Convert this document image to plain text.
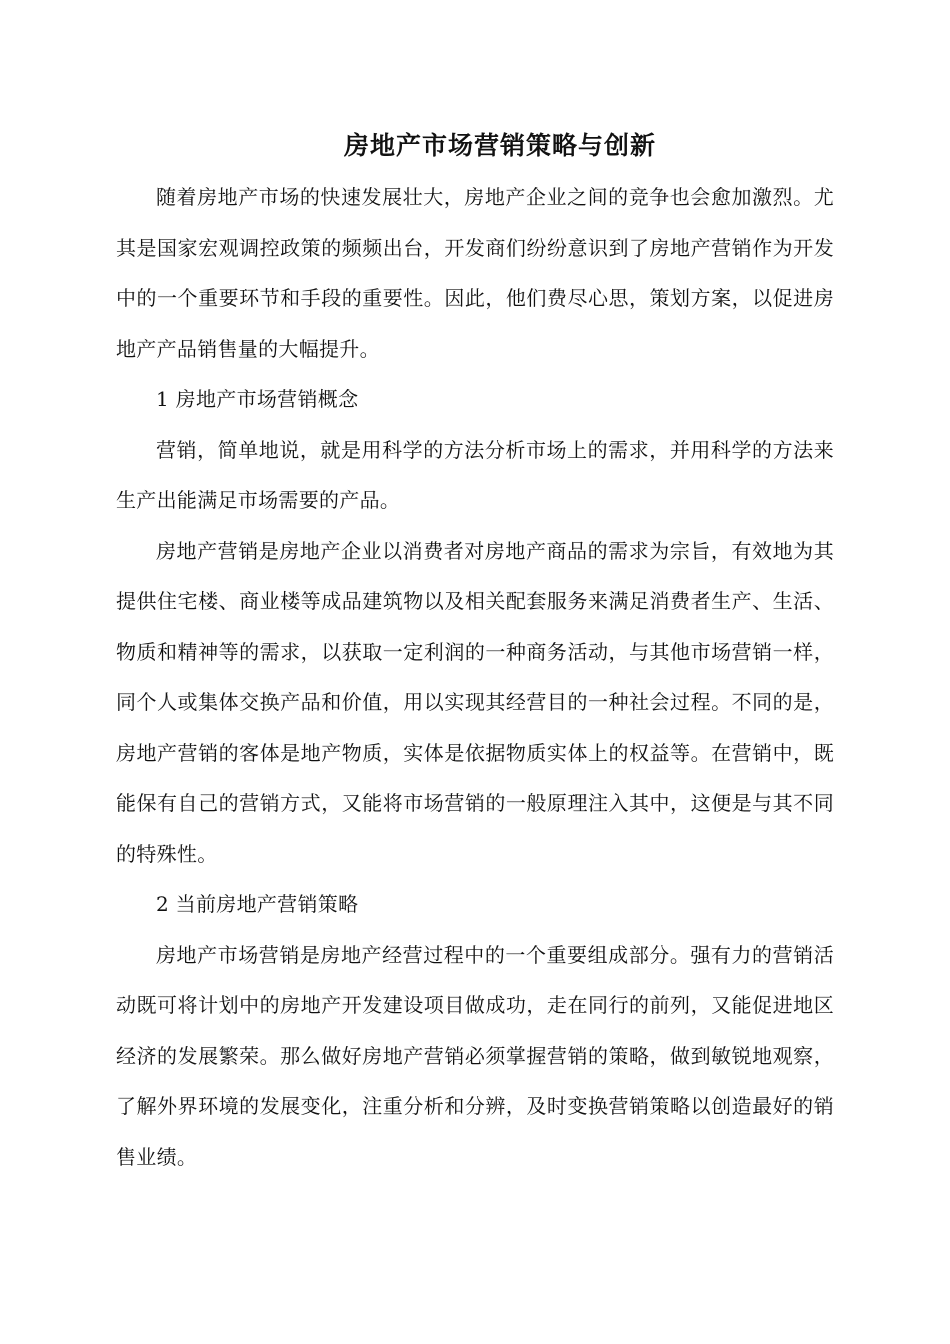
房地产市场营销策略与创新

随着房地产市场的快速发展壮大，房地产企业之间的竞争也会愈加激烈。尤其是国家宏观调控政策的频频出台，开发商们纷纷意识到了房地产营销作为开发中的一个重要环节和手段的重要性。因此，他们费尽心思，策划方案，以促进房地产产品销售量的大幅提升。

1 房地产市场营销概念

营销，简单地说，就是用科学的方法分析市场上的需求，并用科学的方法来生产出能满足市场需要的产品。

房地产营销是房地产企业以消费者对房地产商品的需求为宗旨，有效地为其提供住宅楼、商业楼等成品建筑物以及相关配套服务来满足消费者生产、生活、物质和精神等的需求，以获取一定利润的一种商务活动，与其他市场营销一样，同个人或集体交换产品和价值，用以实现其经营目的一种社会过程。不同的是，房地产营销的客体是地产物质，实体是依据物质实体上的权益等。在营销中，既能保有自己的营销方式，又能将市场营销的一般原理注入其中，这便是与其不同的特殊性。

2 当前房地产营销策略

房地产市场营销是房地产经营过程中的一个重要组成部分。强有力的营销活动既可将计划中的房地产开发建设项目做成功，走在同行的前列，又能促进地区经济的发展繁荣。那么做好房地产营销必须掌握营销的策略，做到敏锐地观察，了解外界环境的发展变化，注重分析和分辨，及时变换营销策略以创造最好的销售业绩。
